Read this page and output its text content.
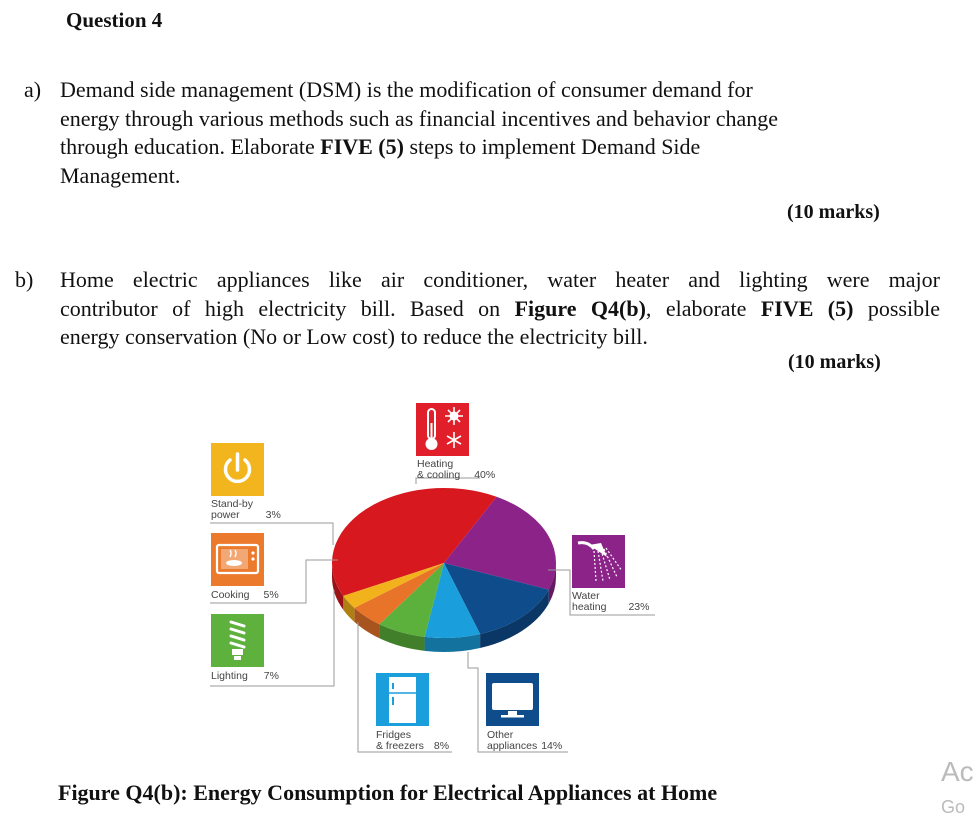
Question 4
a) Demand side management (DSM) is the modification of consumer demand for
energy through various methods such as financial incentives and behavior change
through education. Elaborate FIVE (5) steps to implement Demand Side
Management.
(10 marks)
b) Home electric appliances like air conditioner, water heater and lighting were major
contributor of high electricity bill. Based on Figure Q4(b), elaborate FIVE (5) possible
energy conservation (No or Low cost) to reduce the electricity bill.
(10 marks)
Heating
& cooling 40%
Stand-by
power 3%
Cooking 5%
Lighting 7%
Water
heating 23%
Fridges
& freezers 8%
Other
appliances 14%
Figure Q4(b): Energy Consumption for Electrical Appliances at Home
Ac
Go
